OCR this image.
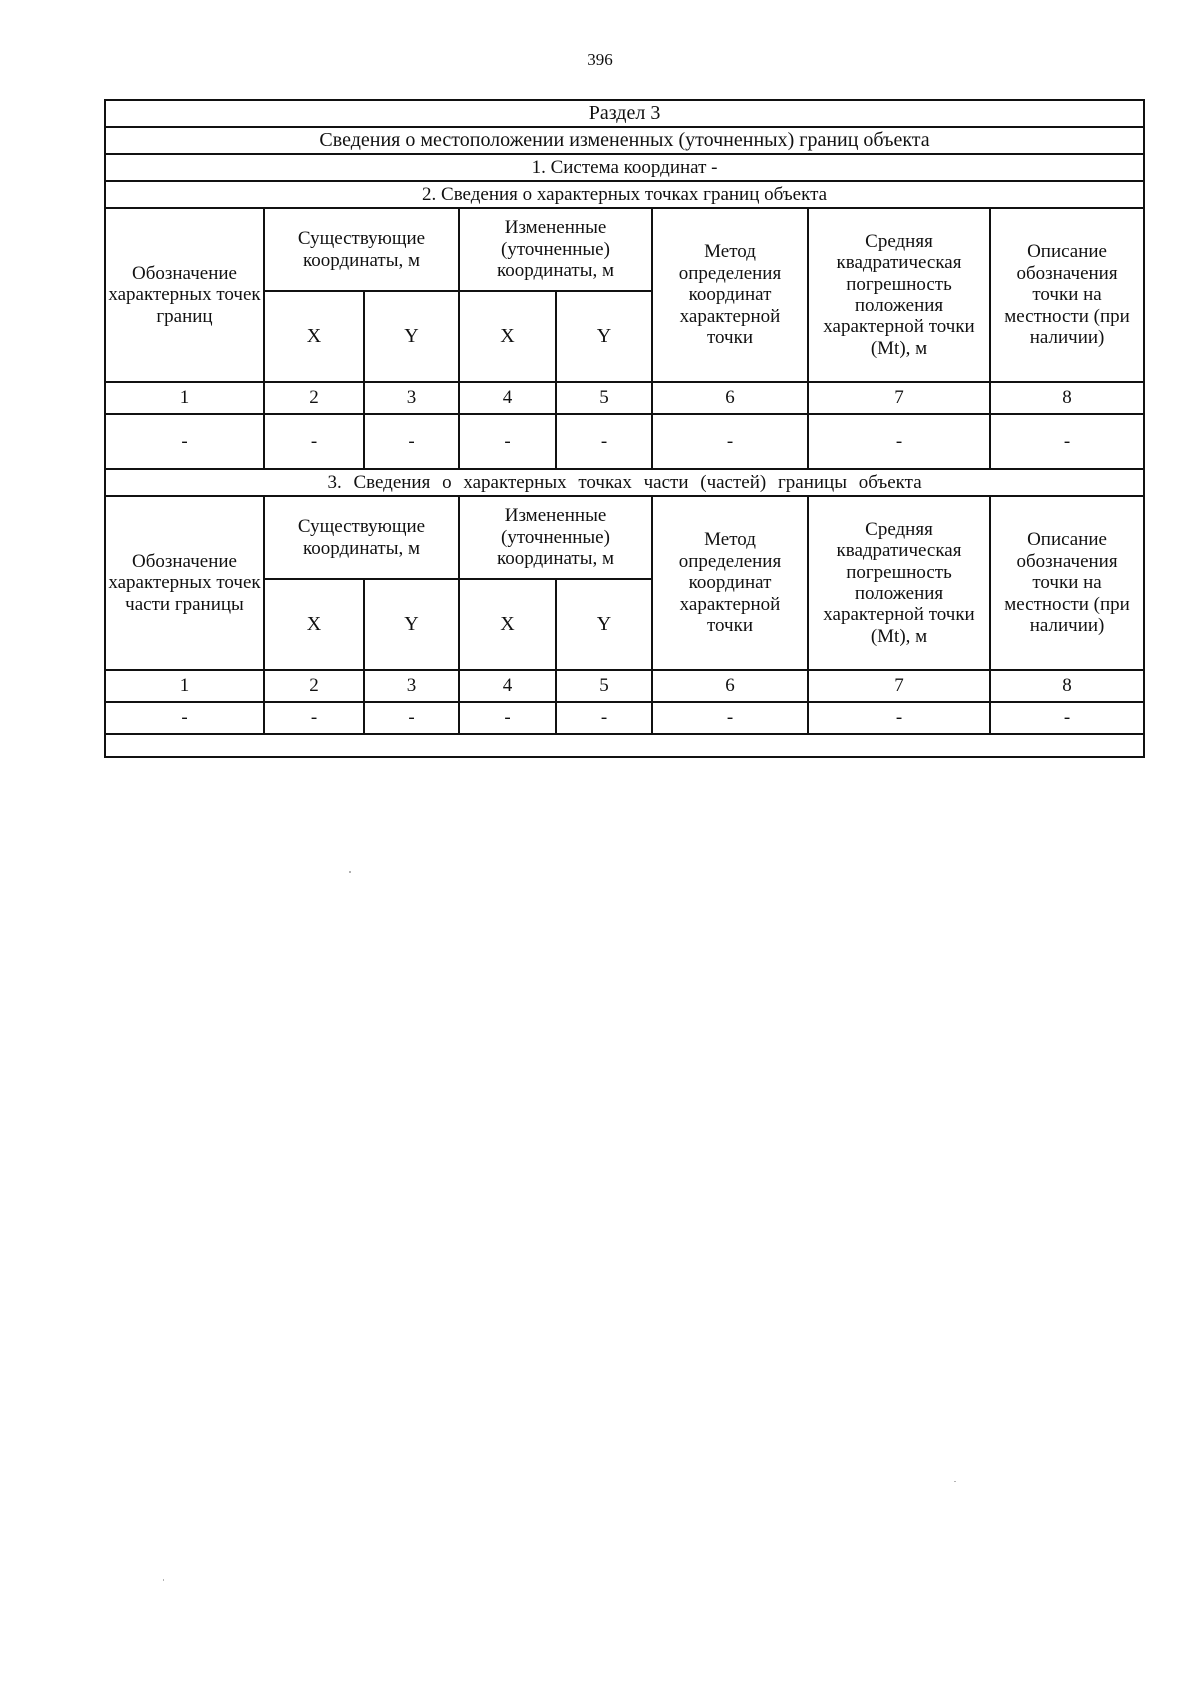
396
Раздел 3							
Сведения о местоположении измененных (уточненных) границ объекта							
1. Система координат -							
2. Сведения о характерных точках границ объекта							
Обозначение характерных точек границ	Существующие координаты, м		Измененные (уточненные) координаты, м		Метод определения координат характерной точки	Средняя квадратическая погрешность положения характерной точки (Mt), м	Описание обозначения точки на местности (при наличии)
	X	Y	X	Y			
1	2	3	4	5	6	7	8
-	-	-	-	-	-	-	-
3. Сведения о характерных точках части (частей) границы объекта							
Обозначение характерных точек части границы	Существующие координаты, м		Измененные (уточненные) координаты, м		Метод определения координат характерной точки	Средняя квадратическая погрешность положения характерной точки (Mt), м	Описание обозначения точки на местности (при наличии)
	X	Y	X	Y			
1	2	3	4	5	6	7	8
-	-	-	-	-	-	-	-
